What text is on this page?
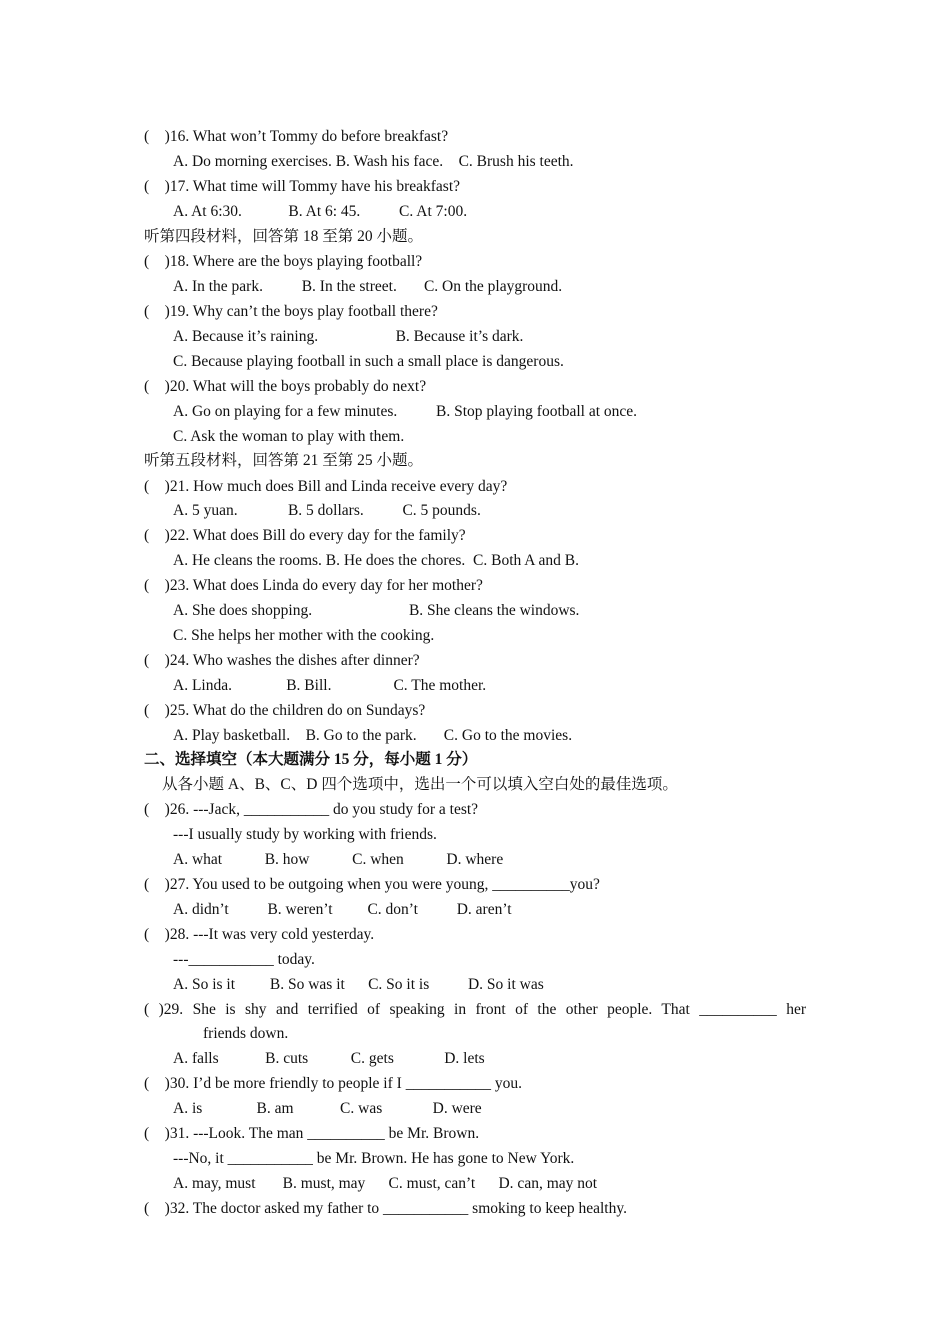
(    )16. What won’t Tommy do before breakfast?
A. Do morning exercises. B. Wash his face.    C. Brush his teeth.
(    )17. What time will Tommy have his breakfast?
A. At 6:30.            B. At 6: 45.          C. At 7:00.
听第四段材料，回答第 18 至第 20 小题。
(    )18. Where are the boys playing football?
A. In the park.          B. In the street.       C. On the playground.
(    )19. Why can’t the boys play football there?
A. Because it’s raining.                    B. Because it’s dark.
C. Because playing football in such a small place is dangerous.
(    )20. What will the boys probably do next?
A. Go on playing for a few minutes.          B. Stop playing football at once.
C. Ask the woman to play with them.
听第五段材料，回答第 21 至第 25 小题。
(    )21. How much does Bill and Linda receive every day?
A. 5 yuan.             B. 5 dollars.          C. 5 pounds.
(    )22. What does Bill do every day for the family?
A. He cleans the rooms. B. He does the chores.  C. Both A and B.
(    )23. What does Linda do every day for her mother?
A. She does shopping.                         B. She cleans the windows.
C. She helps her mother with the cooking.
(    )24. Who washes the dishes after dinner?
A. Linda.              B. Bill.                C. The mother.
(    )25. What do the children do on Sundays?
A. Play basketball.    B. Go to the park.       C. Go to the movies.
二、选择填空（本大题满分 15 分，每小题 1 分）
从各小题 A、B、C、D 四个选项中，选出一个可以填入空白处的最佳选项。
(    )26. ---Jack, ___________ do you study for a test?
---I usually study by working with friends.
A. what           B. how           C. when           D. where
(    )27. You used to be outgoing when you were young, __________you?
A. didn’t          B. weren’t         C. don’t          D. aren’t
(    )28. ---It was very cold yesterday.
---___________ today.
A. So is it         B. So was it      C. So it is          D. So it was
( )29. She is shy and terrified of speaking in front of the other people. That __________ her
friends down.
A. falls            B. cuts           C. gets             D. lets
(    )30. I’d be more friendly to people if I ___________ you.
A. is              B. am            C. was             D. were
(    )31. ---Look. The man __________ be Mr. Brown.
---No, it ___________ be Mr. Brown. He has gone to New York.
A. may, must       B. must, may      C. must, can’t      D. can, may not
(    )32. The doctor asked my father to ___________ smoking to keep healthy.
